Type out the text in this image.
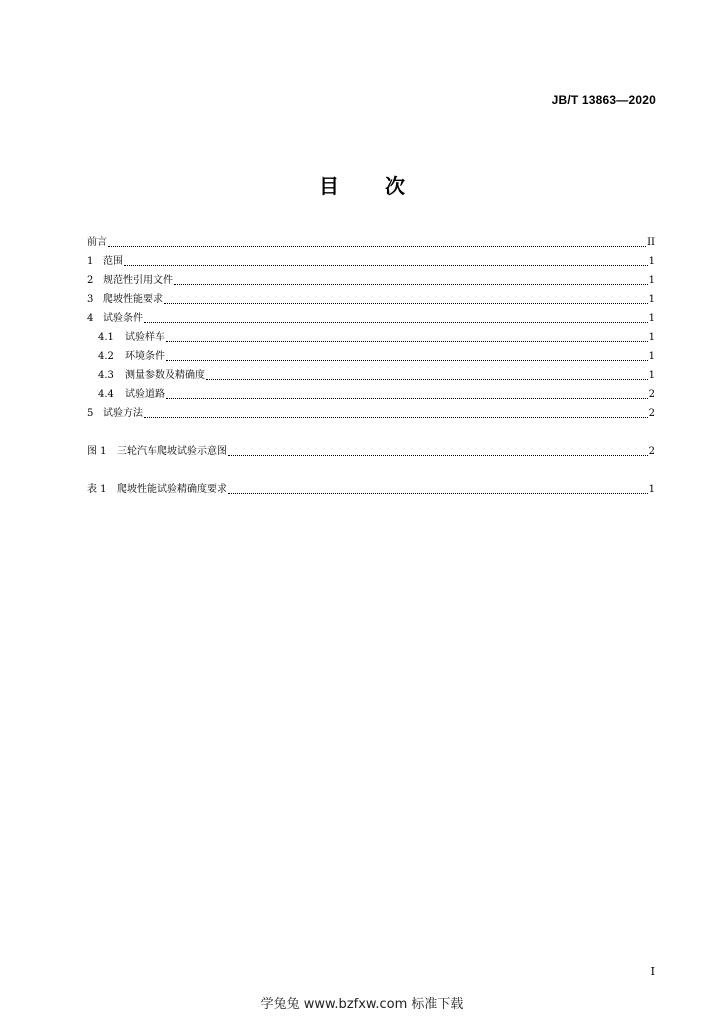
JB/T 13863—2020
目 次
前言	II
1 范围	1
2 规范性引用文件	1
3 爬坡性能要求	1
4 试验条件	1
4.1	试验样车	1
4.2	环境条件	1
4.3	测量参数及精确度	1
4.4	试验道路	2
5 试验方法	2
图 1	三轮汽车爬坡试验示意图	2
表 1	爬坡性能试验精确度要求	1
I
学兔兔 www.bzfxw.com 标准下载
